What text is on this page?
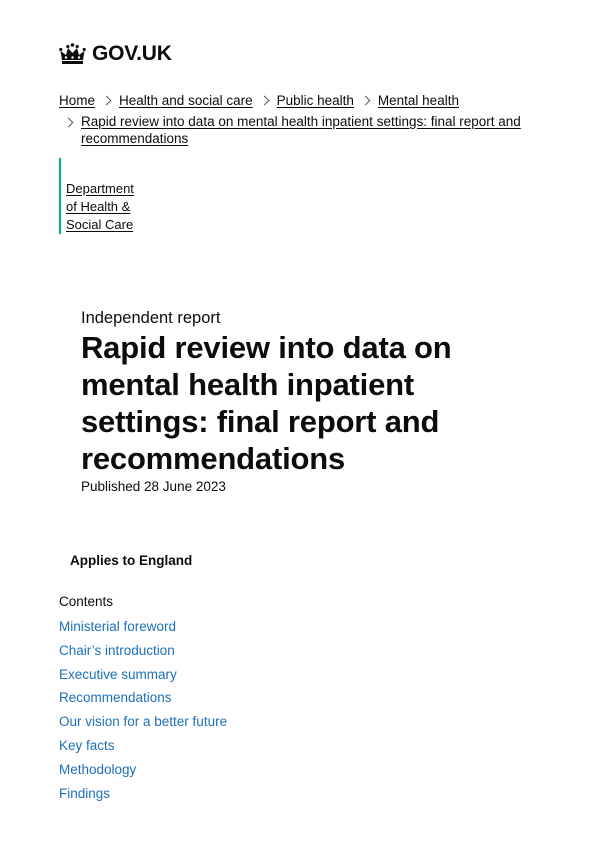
GOV.UK
Home Health and social care Public health Mental health
Rapid review into data on mental health inpatient settings: final report and recommendations
Department
of Health &
Social Care
Independent report
Rapid review into data on mental health inpatient settings: final report and recommendations
Published 28 June 2023
Applies to England
Contents
Ministerial foreword
Chair’s introduction
Executive summary
Recommendations
Our vision for a better future
Key facts
Methodology
Findings
